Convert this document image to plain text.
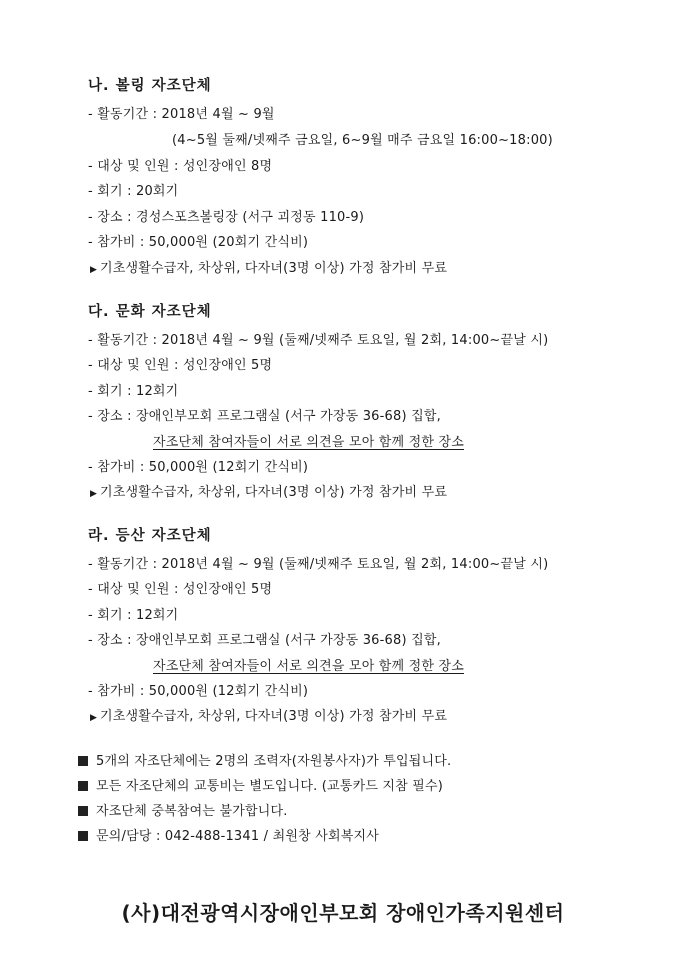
나. 볼링 자조단체
- 활동기간 : 2018년 4월 ~ 9월
(4~5월 둘째/넷째주 금요일, 6~9월 매주 금요일 16:00~18:00)
- 대상 및 인원 : 성인장애인 8명
- 회기 : 20회기
- 장소 : 경성스포츠볼링장 (서구 괴정동 110-9)
- 참가비 : 50,000원 (20회기 간식비)
▶ 기초생활수급자, 차상위, 다자녀(3명 이상) 가정 참가비 무료
다. 문화 자조단체
- 활동기간 : 2018년 4월 ~ 9월 (둘째/넷째주 토요일, 월 2회, 14:00~끝날 시)
- 대상 및 인원 : 성인장애인 5명
- 회기 : 12회기
- 장소 : 장애인부모회 프로그램실 (서구 가장동 36-68) 집합,
자조단체 참여자들이 서로 의견을 모아 함께 정한 장소
- 참가비 : 50,000원 (12회기 간식비)
▶ 기초생활수급자, 차상위, 다자녀(3명 이상) 가정 참가비 무료
라. 등산 자조단체
- 활동기간 : 2018년 4월 ~ 9월 (둘째/넷째주 토요일, 월 2회, 14:00~끝날 시)
- 대상 및 인원 : 성인장애인 5명
- 회기 : 12회기
- 장소 : 장애인부모회 프로그램실 (서구 가장동 36-68) 집합,
자조단체 참여자들이 서로 의견을 모아 함께 정한 장소
- 참가비 : 50,000원 (12회기 간식비)
▶ 기초생활수급자, 차상위, 다자녀(3명 이상) 가정 참가비 무료
5개의 자조단체에는 2명의 조력자(자원봉사자)가 투입됩니다.
모든 자조단체의 교통비는 별도입니다. (교통카드 지참 필수)
자조단체 중복참여는 불가합니다.
문의/담당 : 042-488-1341 / 최원창 사회복지사
(사)대전광역시장애인부모회 장애인가족지원센터
